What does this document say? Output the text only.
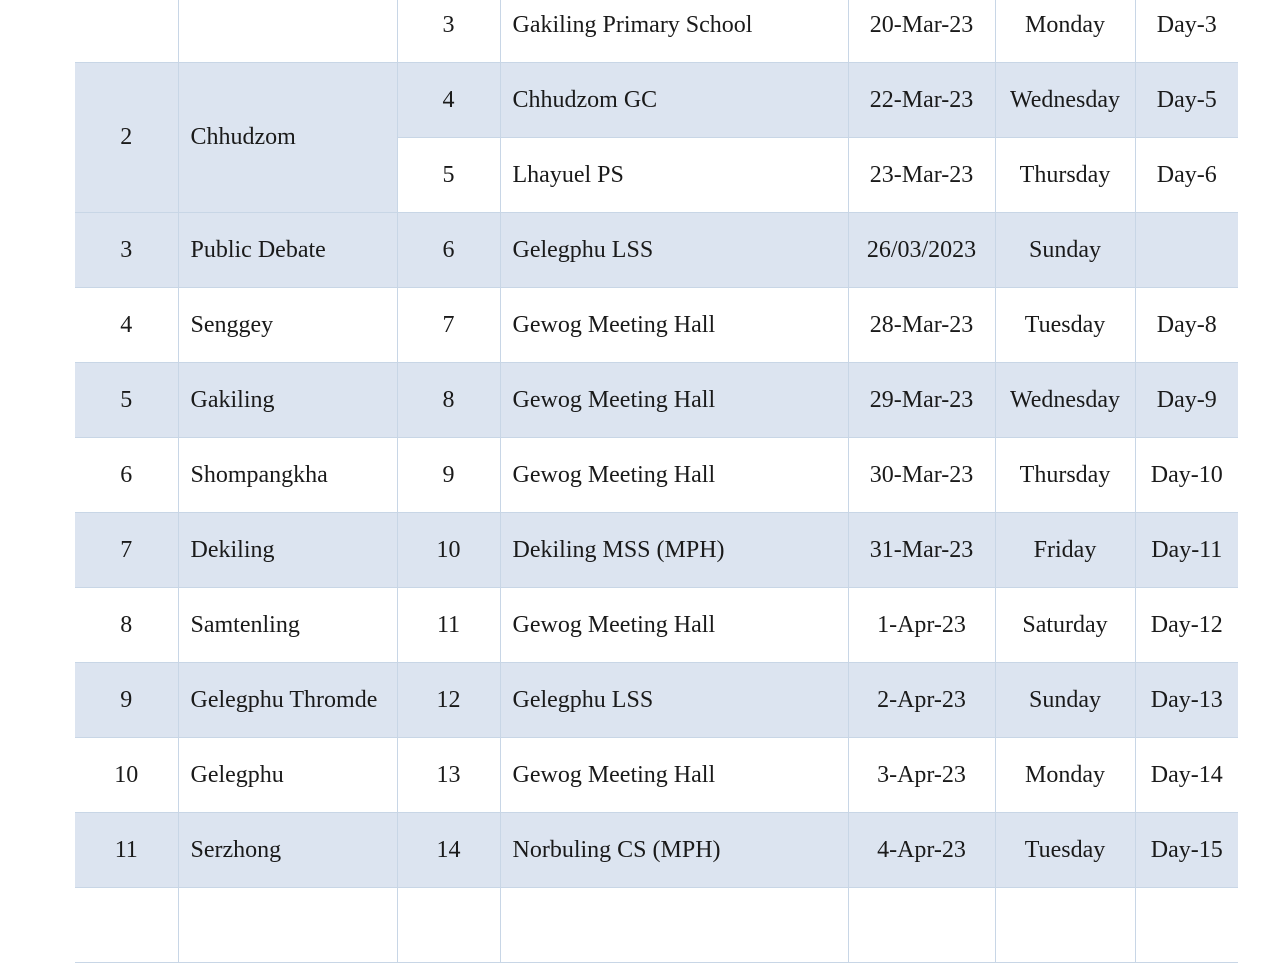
		3	Gakiling Primary School	20-Mar-23	Monday	Day-3
2	Chhudzom	4	Chhudzom GC	22-Mar-23	Wednesday	Day-5
		5	Lhayuel PS	23-Mar-23	Thursday	Day-6
3	Public Debate	6	Gelegphu LSS	26/03/2023	Sunday	
4	Senggey	7	Gewog Meeting Hall	28-Mar-23	Tuesday	Day-8
5	Gakiling	8	Gewog Meeting Hall	29-Mar-23	Wednesday	Day-9
6	Shompangkha	9	Gewog Meeting Hall	30-Mar-23	Thursday	Day-10
7	Dekiling	10	Dekiling MSS (MPH)	31-Mar-23	Friday	Day-11
8	Samtenling	11	Gewog Meeting Hall	1-Apr-23	Saturday	Day-12
9	Gelegphu Thromde	12	Gelegphu LSS	2-Apr-23	Sunday	Day-13
10	Gelegphu	13	Gewog Meeting Hall	3-Apr-23	Monday	Day-14
11	Serzhong	14	Norbuling CS (MPH)	4-Apr-23	Tuesday	Day-15
